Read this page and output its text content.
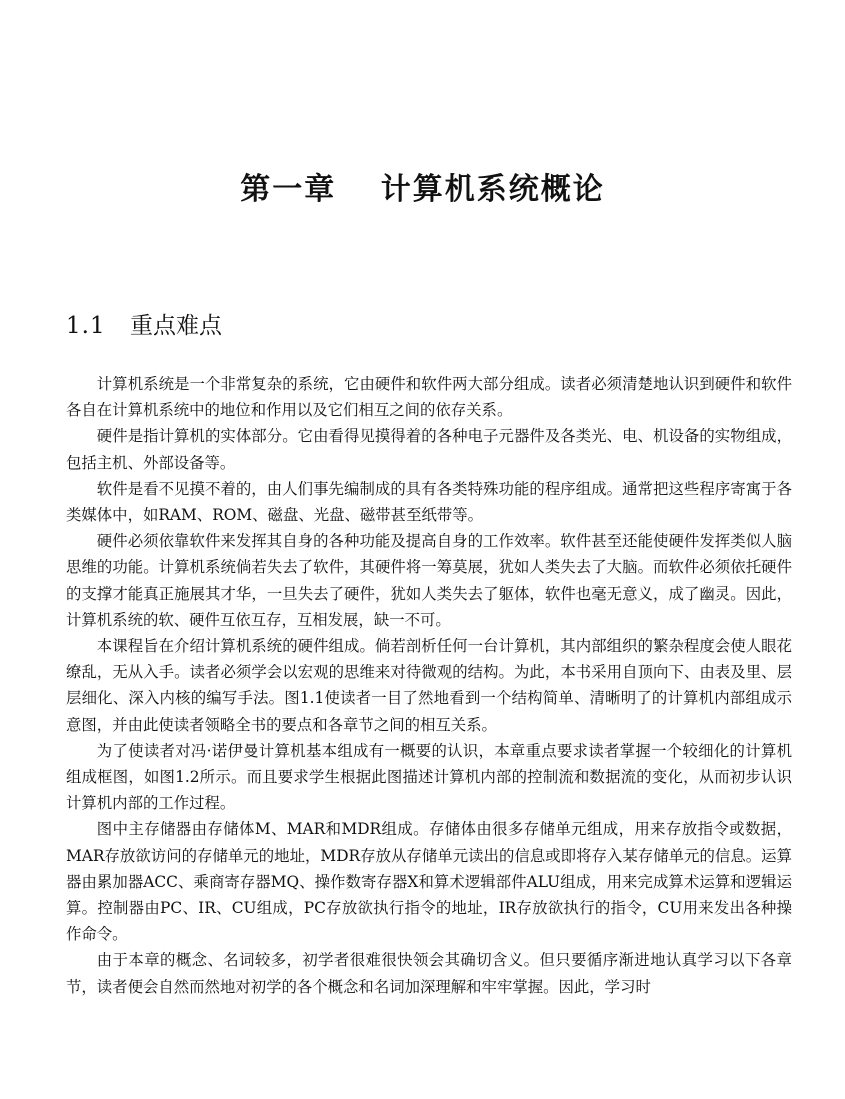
第一章　 计算机系统概论
1.1 重点难点

计算机系统是一个非常复杂的系统，它由硬件和软件两大部分组成。读者必须清楚地认识到硬件和软件各自在计算机系统中的地位和作用以及它们相互之间的依存关系。

硬件是指计算机的实体部分。它由看得见摸得着的各种电子元器件及各类光、电、机设备的实物组成，包括主机、外部设备等。

软件是看不见摸不着的，由人们事先编制成的具有各类特殊功能的程序组成。通常把这些程序寄寓于各类媒体中，如RAM、ROM、磁盘、光盘、磁带甚至纸带等。

硬件必须依靠软件来发挥其自身的各种功能及提高自身的工作效率。软件甚至还能使硬件发挥类似人脑思维的功能。计算机系统倘若失去了软件，其硬件将一筹莫展，犹如人类失去了大脑。而软件必须依托硬件的支撑才能真正施展其才华，一旦失去了硬件，犹如人类失去了躯体，软件也毫无意义，成了幽灵。因此，计算机系统的软、硬件互依互存，互相发展，缺一不可。

本课程旨在介绍计算机系统的硬件组成。倘若剖析任何一台计算机，其内部组织的繁杂程度会使人眼花缭乱，无从入手。读者必须学会以宏观的思维来对待微观的结构。为此，本书采用自顶向下、由表及里、层层细化、深入内核的编写手法。图1.1使读者一目了然地看到一个结构简单、清晰明了的计算机内部组成示意图，并由此使读者领略全书的要点和各章节之间的相互关系。

为了使读者对冯·诺伊曼计算机基本组成有一概要的认识，本章重点要求读者掌握一个较细化的计算机组成框图，如图1.2所示。而且要求学生根据此图描述计算机内部的控制流和数据流的变化，从而初步认识计算机内部的工作过程。

图中主存储器由存储体M、MAR和MDR组成。存储体由很多存储单元组成，用来存放指令或数据，MAR存放欲访问的存储单元的地址，MDR存放从存储单元读出的信息或即将存入某存储单元的信息。运算器由累加器ACC、乘商寄存器MQ、操作数寄存器X和算术逻辑部件ALU组成，用来完成算术运算和逻辑运算。控制器由PC、IR、CU组成，PC存放欲执行指令的地址，IR存放欲执行的指令，CU用来发出各种操作命令。

由于本章的概念、名词较多，初学者很难很快领会其确切含义。但只要循序渐进地认真学习以下各章节，读者便会自然而然地对初学的各个概念和名词加深理解和牢牢掌握。因此，学习时
